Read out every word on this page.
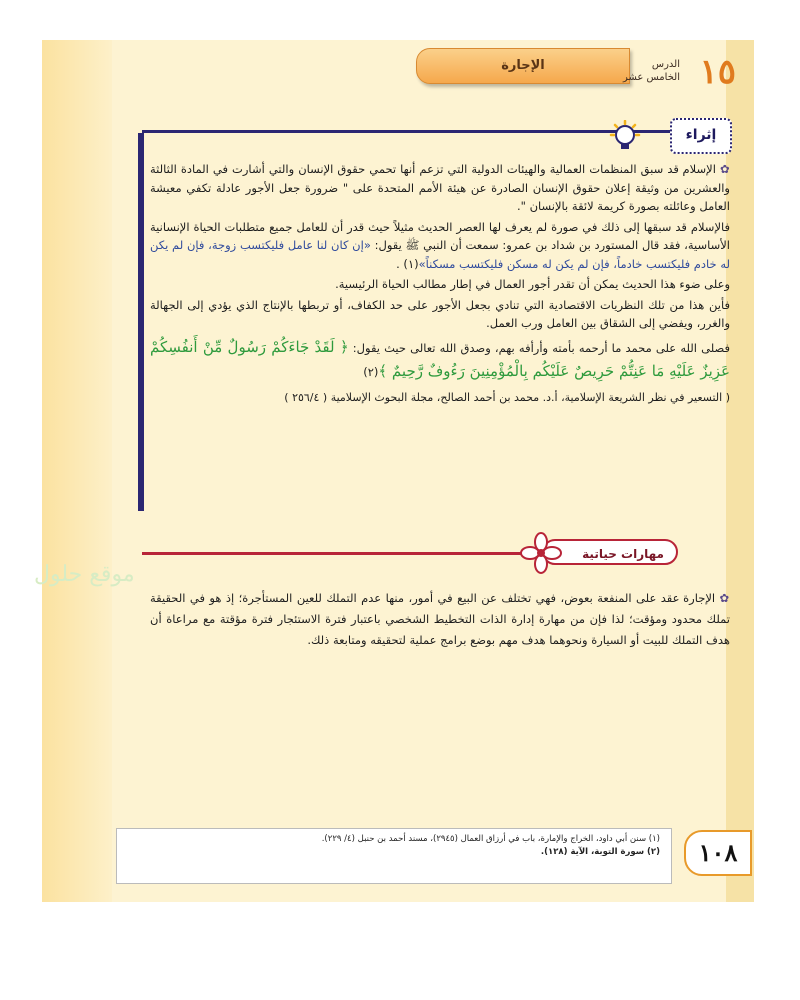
الإجارة	الدرس
الخامس عشر ١٥
إثراء

✿ الإسلام قد سبق المنظمات العمالية والهيئات الدولية التي تزعم أنها تحمي حقوق الإنسان والتي أشارت في المادة الثالثة والعشرين من وثيقة إعلان حقوق الإنسان الصادرة عن هيئة الأمم المتحدة على " ضرورة جعل الأجور عادلة تكفي معيشة العامل وعائلته بصورة كريمة لائقة بالإنسان ".

فالإسلام قد سبقها إلى ذلك في صورة لم يعرف لها العصر الحديث مثيلاً حيث قدر أن للعامل جميع متطلبات الحياة الإنسانية الأساسية، فقد قال المستورد بن شداد بن عمرو: سمعت أن النبي ﷺ يقول: «إن كان لنا عامل فليكتسب زوجة، فإن لم يكن له خادم فليكتسب خادماً، فإن لم يكن له مسكن فليكتسب مسكناً»(١) .

وعلى ضوء هذا الحديث يمكن أن تقدر أجور العمال في إطار مطالب الحياة الرئيسية.

فأين هذا من تلك النظريات الاقتصادية التي تنادي بجعل الأجور على حد الكفاف، أو تربطها بالإنتاج الذي يؤدي إلى الجهالة والغرر، ويفضي إلى الشقاق بين العامل ورب العمل.

فصلى الله على محمد ما أرحمه بأمته وأرأفه بهم، وصدق الله تعالى حيث يقول: ﴿ لَقَدْ جَاءَكُمْ رَسُولٌ مِّنْ أَنفُسِكُمْ عَزِيزٌ عَلَيْهِ مَا عَنِتُّمْ حَرِيصٌ عَلَيْكُم بِالْمُؤْمِنِينَ رَءُوفٌ رَّحِيمٌ ﴾(٢)

( التسعير في نظر الشريعة الإسلامية، أ.د. محمد بن أحمد الصالح، مجلة البحوث الإسلامية ( ٢٥٦/٤ )

مهارات حياتية
موقع حلول

✿ الإجارة عقد على المنفعة بعوض، فهي تختلف عن البيع في أمور، منها عدم التملك للعين المستأجرة؛ إذ هو في الحقيقة تملك محدود ومؤقت؛ لذا فإن من مهارة إدارة الذات التخطيط الشخصي باعتبار فترة الاستئجار فترة مؤقتة مع مراعاة أن هدف التملك للبيت أو السيارة ونحوهما هدف مهم بوضع برامج عملية لتحقيقه ومتابعة ذلك.

(١) سنن أبي داود، الخراج والإمارة، باب في أرزاق العمال (٢٩٤٥)، مسند أحمد بن حنبل (٤/ ٢٢٩).

(٢) سورة التوبة، الآية (١٢٨).	١٠٨
